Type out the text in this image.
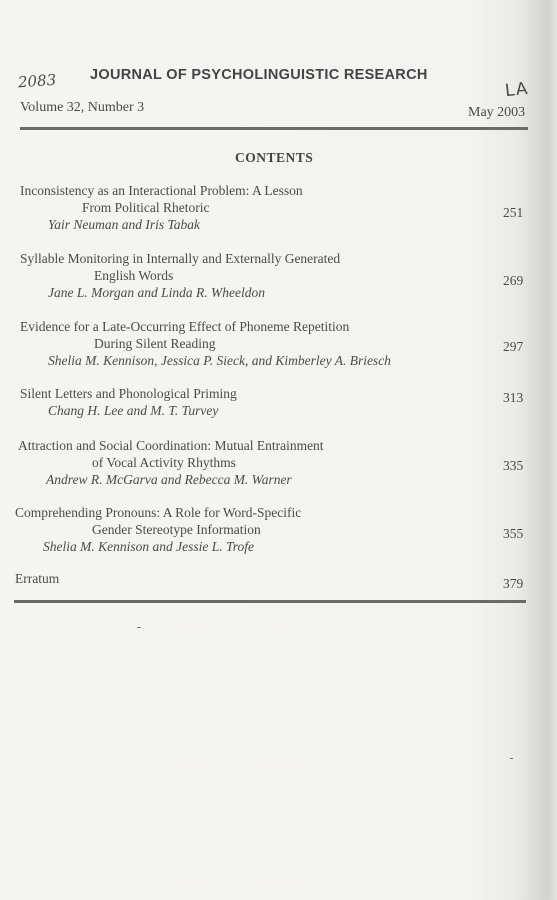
2083	LA
JOURNAL OF PSYCHOLINGUISTIC RESEARCH
Volume 32, Number 3	May 2003
CONTENTS
Inconsistency as an Interactional Problem: A Lesson
From Political Rhetoric
Yair Neuman and Iris Tabak
251
Syllable Monitoring in Internally and Externally Generated
English Words
Jane L. Morgan and Linda R. Wheeldon
269
Evidence for a Late-Occurring Effect of Phoneme Repetition
During Silent Reading
Shelia M. Kennison, Jessica P. Sieck, and Kimberley A. Briesch
297
Silent Letters and Phonological Priming
Chang H. Lee and M. T. Turvey
313
Attraction and Social Coordination: Mutual Entrainment
of Vocal Activity Rhythms
Andrew R. McGarva and Rebecca M. Warner
335
Comprehending Pronouns: A Role for Word-Specific
Gender Stereotype Information
Shelia M. Kennison and Jessie L. Trofe
355
Erratum	379
